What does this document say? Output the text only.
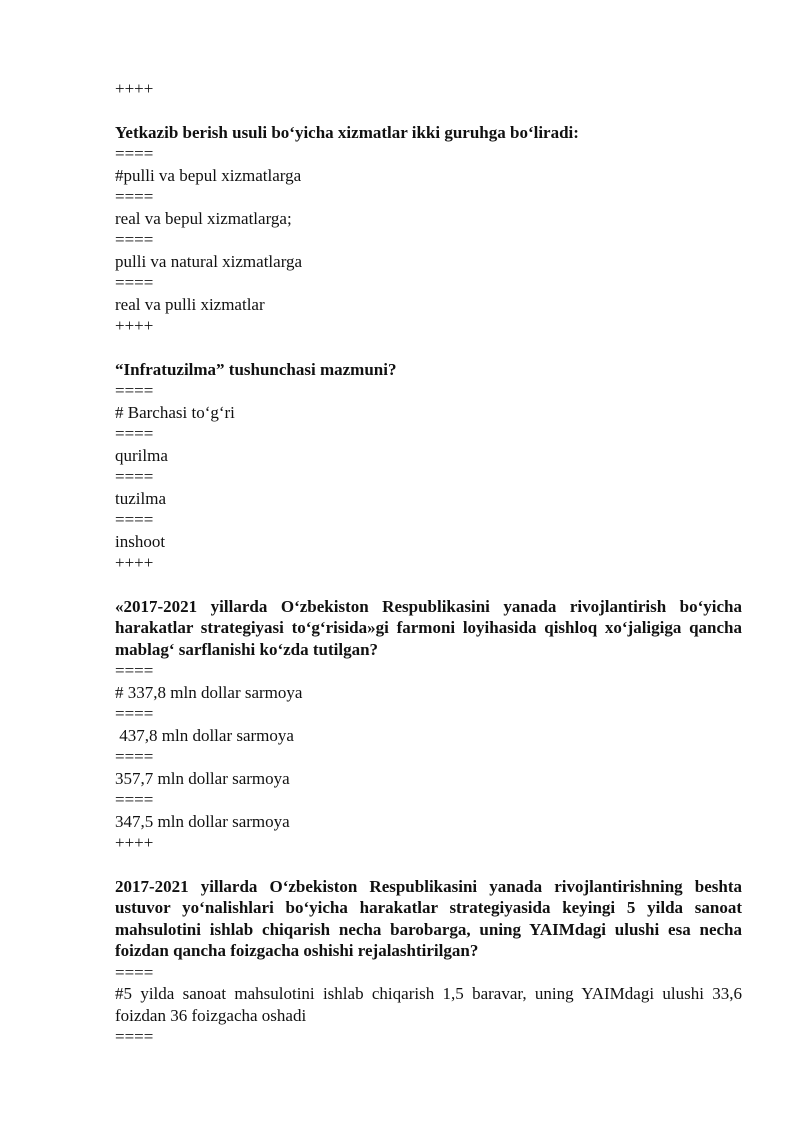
++++
Yetkazib berish usuli bo‘yicha xizmatlar ikki guruhga bo‘liradi:
====
#pulli va bepul xizmatlarga
====
real va bepul xizmatlarga;
====
pulli va natural xizmatlarga
====
real va pulli xizmatlar
++++
“Infratuzilma” tushunchasi mazmuni?
====
# Barchasi to‘g‘ri
====
qurilma
====
tuzilma
====
inshoot
++++
«2017-2021 yillarda O‘zbekiston Respublikasini yanada rivojlantirish bo‘yicha harakatlar strategiyasi to‘g‘risida»gi farmoni loyihasida qishloq xo‘jaligiga qancha mablag‘ sarflanishi ko‘zda tutilgan?
====
# 337,8 mln dollar sarmoya
====
437,8 mln dollar sarmoya
====
357,7 mln dollar sarmoya
====
347,5 mln dollar sarmoya
++++
2017-2021 yillarda O‘zbekiston Respublikasini yanada rivojlantirishning beshta ustuvor yo‘nalishlari bo‘yicha harakatlar strategiyasida keyingi 5 yilda sanoat mahsulotini ishlab chiqarish necha barobarga, uning YAIMdagi ulushi esa necha foizdan qancha foizgacha oshishi rejalashtirilgan?
====
#5 yilda sanoat mahsulotini ishlab chiqarish 1,5 baravar, uning YAIMdagi ulushi 33,6 foizdan 36 foizgacha oshadi
====
